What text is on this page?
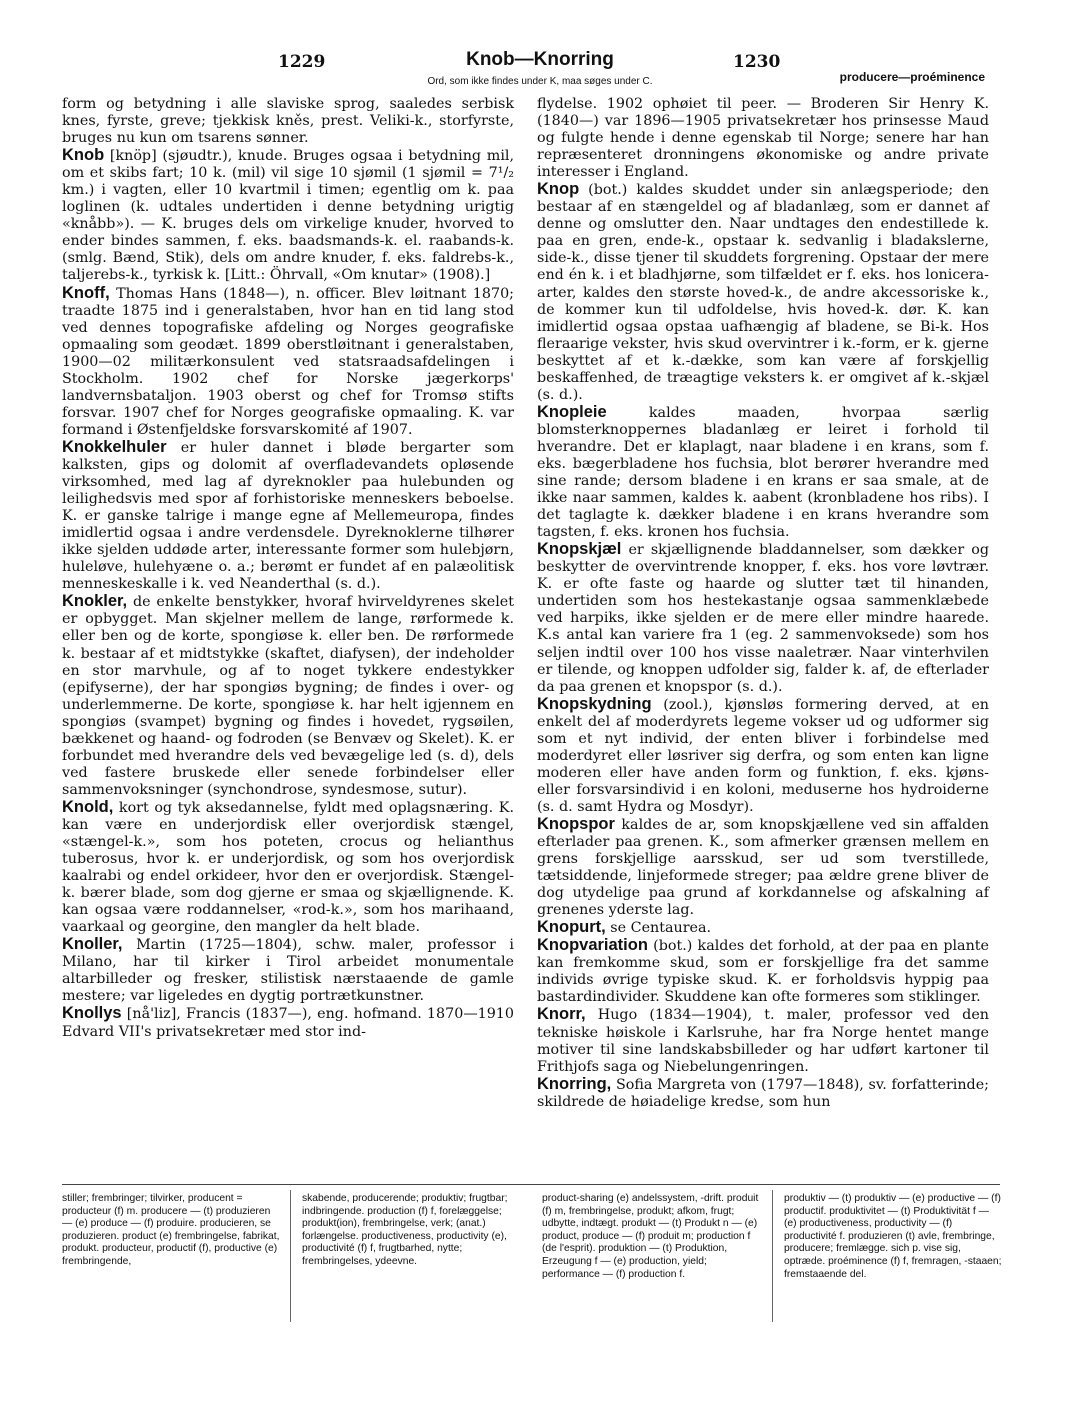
1229	Knob—Knorring	1230
Ord, som ikke findes under K, maa søges under C.	producere—proéminence

form og betydning i alle slaviske sprog, saaledes serbisk knes, fyrste, greve; tjekkisk kněs, prest. Veliki-k., storfyrste, bruges nu kun om tsarens sønner.

Knob [knöp] (sjøudtr.), knude. Bruges ogsaa i betydning mil, om et skibs fart; 10 k. (mil) vil sige 10 sjømil (1 sjømil = 7¹/₂ km.) i vagten, eller 10 kvartmil i timen; egentlig om k. paa loglinen (k. udtales undertiden i denne betydning urigtig «knåbb»). — K. bruges dels om virkelige knuder, hvorved to ender bindes sammen, f. eks. baadsmands-k. el. raabands-k. (smlg. Bænd, Stik), dels om andre knuder, f. eks. faldrebs-k., taljerebs-k., tyrkisk k. [Litt.: Öhrvall, «Om knutar» (1908).]

Knoff, Thomas Hans (1848—), n. officer. Blev løitnant 1870; traadte 1875 ind i generalstaben, hvor han en tid lang stod ved dennes topografiske afdeling og Norges geografiske opmaaling som geodæt. 1899 oberstløitnant i generalstaben, 1900—02 militærkonsulent ved statsraadsafdelingen i Stockholm. 1902 chef for Norske jægerkorps' landvernsbataljon. 1903 oberst og chef for Tromsø stifts forsvar. 1907 chef for Norges geografiske opmaaling. K. var formand i Østenfjeldske forsvarskomité af 1907.

Knokkelhuler er huler dannet i bløde bergarter som kalksten, gips og dolomit af overfladevandets opløsende virksomhed, med lag af dyreknokler paa hulebunden og leilighedsvis med spor af forhistoriske menneskers beboelse. K. er ganske talrige i mange egne af Mellemeuropa, findes imidlertid ogsaa i andre verdensdele. Dyreknoklerne tilhører ikke sjelden uddøde arter, interessante former som hulebjørn, huleløve, hulehyæne o. a.; berømt er fundet af en palæolitisk menneskeskalle i k. ved Neanderthal (s. d.).

Knokler, de enkelte benstykker, hvoraf hvirveldyrenes skelet er opbygget. Man skjelner mellem de lange, rørformede k. eller ben og de korte, spongiøse k. eller ben. De rørformede k. bestaar af et midtstykke (skaftet, diafysen), der indeholder en stor marvhule, og af to noget tykkere endestykker (epifyserne), der har spongiøs bygning; de findes i over- og underlemmerne. De korte, spongiøse k. har helt igjennem en spongiøs (svampet) bygning og findes i hovedet, rygsøilen, bækkenet og haand- og fodroden (se Benvæv og Skelet). K. er forbundet med hverandre dels ved bevægelige led (s. d), dels ved fastere bruskede eller senede forbindelser eller sammenvoksninger (synchondrose, syndesmose, sutur).

Knold, kort og tyk aksedannelse, fyldt med oplagsnæring. K. kan være en underjordisk eller overjordisk stængel, «stængel-k.», som hos poteten, crocus og helianthus tuberosus, hvor k. er underjordisk, og som hos overjordisk kaalrabi og endel orkideer, hvor den er overjordisk. Stængel-k. bærer blade, som dog gjerne er smaa og skjællignende. K. kan ogsaa være roddannelser, «rod-k.», som hos marihaand, vaarkaal og georgine, den mangler da helt blade.

Knoller, Martin (1725—1804), schw. maler, professor i Milano, har til kirker i Tirol arbeidet monumentale altarbilleder og fresker, stilistisk nærstaaende de gamle mestere; var ligeledes en dygtig portrætkunstner.

Knollys [nå'liz], Francis (1837—), eng. hofmand. 1870—1910 Edvard VII's privatsekretær med stor ind-

flydelse. 1902 ophøiet til peer. — Broderen Sir Henry K. (1840—) var 1896—1905 privatsekretær hos prinsesse Maud og fulgte hende i denne egenskab til Norge; senere har han repræsenteret dronningens økonomiske og andre private interesser i England.

Knop (bot.) kaldes skuddet under sin anlægsperiode; den bestaar af en stængeldel og af bladanlæg, som er dannet af denne og omslutter den. Naar undtages den endestillede k. paa en gren, ende-k., opstaar k. sedvanlig i bladakslerne, side-k., disse tjener til skuddets forgrening. Opstaar der mere end én k. i et bladhjørne, som tilfældet er f. eks. hos lonicera-arter, kaldes den største hoved-k., de andre akcessoriske k., de kommer kun til udfoldelse, hvis hoved-k. dør. K. kan imidlertid ogsaa opstaa uafhængig af bladene, se Bi-k. Hos fleraarige vekster, hvis skud overvintrer i k.-form, er k. gjerne beskyttet af et k.-dække, som kan være af forskjellig beskaffenhed, de træagtige veksters k. er omgivet af k.-skjæl (s. d.).

Knopleie	kaldes maaden, hvorpaa særlig blomsterknoppernes bladanlæg er leiret i forhold til hverandre. Det er klaplagt, naar bladene i en krans, som f. eks. bægerbladene hos fuchsia, blot berører hverandre med sine rande; dersom bladene i en krans er saa smale, at de ikke naar sammen, kaldes k. aabent (kronbladene hos ribs). I det taglagte k. dækker bladene i en krans hverandre som tagsten, f. eks. kronen hos fuchsia.

Knopskjæl er skjællignende bladdannelser, som dækker og beskytter de overvintrende knopper, f. eks. hos vore løvtrær. K. er ofte faste og haarde og slutter tæt til hinanden, undertiden som hos hestekastanje ogsaa sammenklæbede ved harpiks, ikke sjelden er de mere eller mindre haarede. K.s antal kan variere fra 1 (eg. 2 sammenvoksede) som hos seljen indtil over 100 hos visse naaletrær. Naar vinterhvilen er tilende, og knoppen udfolder sig, falder k. af, de efterlader da paa grenen et knopspor (s. d.).

Knopskydning (zool.), kjønsløs formering derved, at en enkelt del af moderdyrets legeme vokser ud og udformer sig som et nyt individ, der enten bliver i forbindelse med moderdyret eller løsriver sig derfra, og som enten kan ligne moderen eller have anden form og funktion, f. eks. kjøns- eller forsvarsindivid i en koloni, meduserne hos hydroiderne (s. d. samt Hydra og Mosdyr).

Knopspor kaldes de ar, som knopskjællene ved sin affalden efterlader paa grenen. K., som afmerker grænsen mellem en grens forskjellige aarsskud, ser ud som tverstillede, tætsiddende, linjeformede streger; paa ældre grene bliver de dog utydelige paa grund af korkdannelse og afskalning af grenenes yderste lag.

Knopurt, se Centaurea.

Knopvariation (bot.) kaldes det forhold, at der paa en plante kan fremkomme skud, som er forskjellige fra det samme individs øvrige typiske skud. K. er forholdsvis hyppig paa bastardindivider. Skuddene kan ofte formeres som stiklinger.

Knorr, Hugo (1834—1904), t. maler, professor ved den tekniske høiskole i Karlsruhe, har fra Norge hentet mange motiver til sine landskabsbilleder og har udført kartoner til Frithjofs saga og Niebelungenringen.

Knorring, Sofia Margreta von (1797—1848), sv. forfatterinde; skildrede de høiadelige kredse, som hun

stiller; frembringer; tilvirker, producent = producteur (f) m. producere — (t) produzieren — (e) produce — (f) produire. producieren, se produzieren. product (e) frembringelse, fabrikat, produkt. producteur, productif (f), productive (e) frembringende,
skabende, producerende; produktiv; frugtbar; indbringende. production (f) f, forelæggelse; produkt(ion), frembringelse, verk; (anat.) forlængelse. productiveness, productivity (e), productivité (f) f, frugtbarhed, nytte; frembringelses, ydeevne.
product-sharing (e) andelssystem, -drift. produit (f) m, frembringelse, produkt; afkom, frugt; udbytte, indtægt. produkt — (t) Produkt n — (e) product, produce — (f) produit m; production f (de l'esprit). produktion — (t) Produktion, Erzeugung f — (e) production, yield; performance — (f) production f.
produktiv — (t) produktiv — (e) productive — (f) productif. produktivitet — (t) Produktivität f — (e) productiveness, productivity — (f) productivité f. produzieren (t) avle, frembringe, producere; fremlægge. sich p. vise sig, optræde. proéminence (f) f, fremragen, -staaen; fremstaaende del.
